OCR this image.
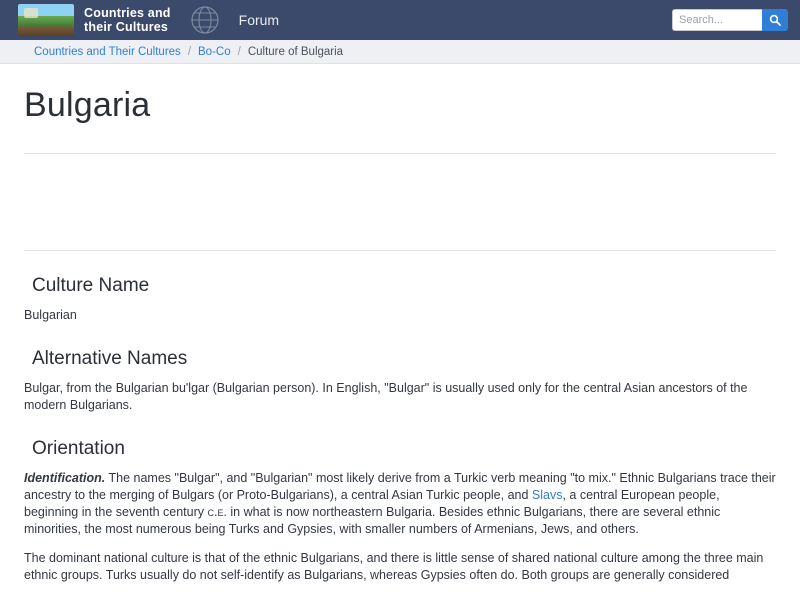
Countries and
their Cultures	Forum
Search...
Countries and Their Cultures / Bo-Co / Culture of Bulgaria
Bulgaria
Culture Name

Bulgarian

Alternative Names

Bulgar, from the Bulgarian bu'lgar (Bulgarian person). In English, "Bulgar" is usually used only for the central Asian ancestors of the modern Bulgarians.

Orientation

Identification. The names "Bulgar", and "Bulgarian" most likely derive from a Turkic verb meaning "to mix." Ethnic Bulgarians trace their ancestry to the merging of Bulgars (or Proto-Bulgarians), a central Asian Turkic people, and Slavs, a central European people, beginning in the seventh century c.e. in what is now northeastern Bulgaria. Besides ethnic Bulgarians, there are several ethnic minorities, the most numerous being Turks and Gypsies, with smaller numbers of Armenians, Jews, and others.

The dominant national culture is that of the ethnic Bulgarians, and there is little sense of shared national culture among the three main ethnic groups. Turks usually do not self-identify as Bulgarians, whereas Gypsies often do. Both groups are generally considered
